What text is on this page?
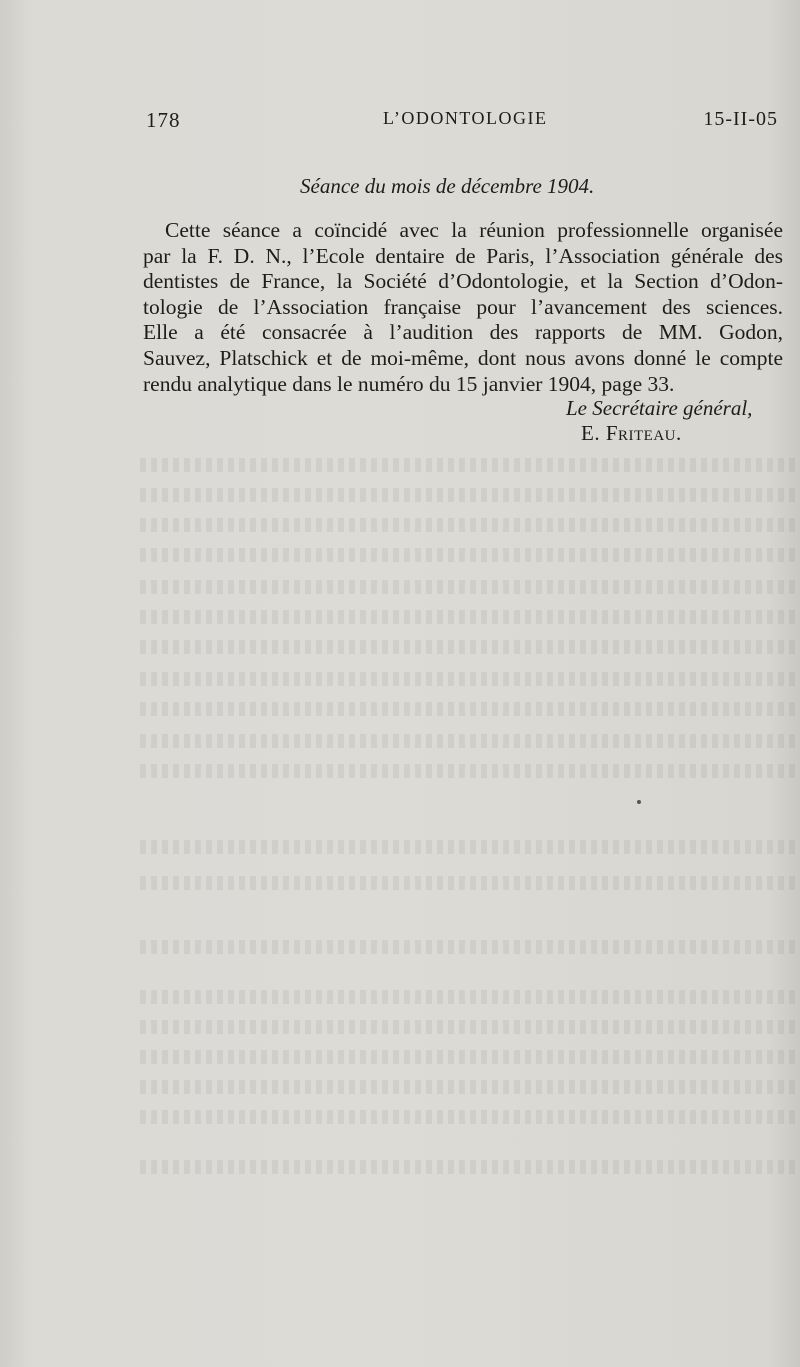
178	L’ODONTOLOGIE	15-II-05
Séance du mois de décembre 1904.
Cette séance a coïncidé avec la réunion professionnelle organisée
par la F. D. N., l’Ecole dentaire de Paris, l’Association générale des
dentistes de France, la Société d’Odontologie, et la Section d’Odon-
tologie de l’Association française pour l’avancement des sciences.
Elle a été consacrée à l’audition des rapports de MM. Godon,
Sauvez, Platschick et de moi-même, dont nous avons donné le compte
rendu analytique dans le numéro du 15 janvier 1904, page 33.
Le Secrétaire général,
E. Friteau.
